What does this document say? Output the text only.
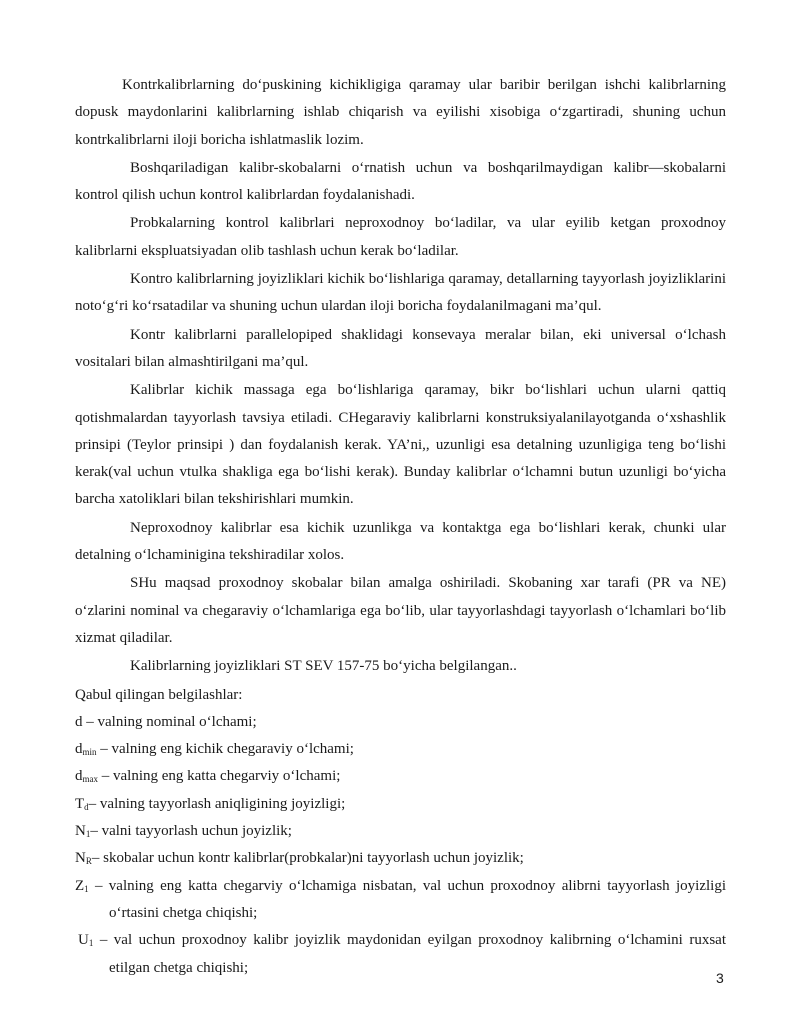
Kontrkalibrlarning do‘puskining kichikligiga qaramay ular baribir berilgan ishchi kalibrlarning dopusk maydonlarini kalibrlarning ishlab chiqarish va eyilishi xisobiga o‘zgartiradi, shuning uchun kontrkalibrlarni iloji boricha ishlatmaslik lozim.

Boshqariladigan kalibr-skobalarni o‘rnatish uchun va boshqarilmaydigan kalibr—skobalarni kontrol qilish uchun kontrol kalibrlardan foydalanishadi.

Probkalarning kontrol kalibrlari neproxodnoy bo‘ladilar, va ular eyilib ketgan proxodnoy kalibrlarni ekspluatsiyadan olib tashlash uchun kerak bo‘ladilar.

Kontro kalibrlarning joyizliklari kichik bo‘lishlariga qaramay, detallarning tayyorlash joyizliklarini noto‘g‘ri ko‘rsatadilar va shuning uchun ulardan iloji boricha foydalanilmagani ma’qul.

Kontr kalibrlarni parallelopiped shaklidagi konsevaya meralar bilan, eki universal o‘lchash vositalari bilan almashtirilgani ma’qul.

Kalibrlar kichik massaga ega bo‘lishlariga qaramay, bikr bo‘lishlari uchun ularni qattiq qotishmalardan tayyorlash tavsiya etiladi. CHegaraviy kalibrlarni konstruksiyalanilayotganda o‘xshashlik prinsipi (Teylor prinsipi ) dan foydalanish kerak. YA’ni,, uzunligi esa detalning uzunligiga teng bo‘lishi kerak(val uchun vtulka shakliga ega bo‘lishi kerak). Bunday kalibrlar o‘lchamni butun uzunligi bo‘yicha barcha xatoliklari bilan tekshirishlari mumkin.

Neproxodnoy kalibrlar esa kichik uzunlikga va kontaktga ega bo‘lishlari kerak, chunki ular detalning o‘lchaminigina tekshiradilar xolos.

SHu maqsad proxodnoy skobalar bilan amalga oshiriladi. Skobaning xar tarafi (PR va NE) o‘zlarini nominal va chegaraviy o‘lchamlariga ega bo‘lib, ular tayyorlashdagi tayyorlash o‘lchamlari bo‘lib xizmat qiladilar.

Kalibrlarning joyizliklari ST SEV 157-75 bo‘yicha belgilangan..

Qabul qilingan belgilashlar:

d – valning nominal o‘lchami;

$d_{min}$ – valning eng kichik chegaraviy o‘lchami;

$d_{max}$ – valning eng katta chegarviy o‘lchami;

$T_d-$ valning tayyorlash aniqligining joyizligi;

$N_1-$ valni tayyorlash uchun joyizlik;

$N_R-$ skobalar uchun kontr kalibrlar(probkalar)ni tayyorlash uchun joyizlik;

$Z_1$ – valning eng katta chegarviy o‘lchamiga nisbatan, val uchun proxodnoy alibrni tayyorlash joyizligi o‘rtasini chetga chiqishi;

$U_1$ – val uchun proxodnoy kalibr joyizlik maydonidan eyilgan proxodnoy kalibrning o‘lchamini ruxsat etilgan chetga chiqishi;

3
